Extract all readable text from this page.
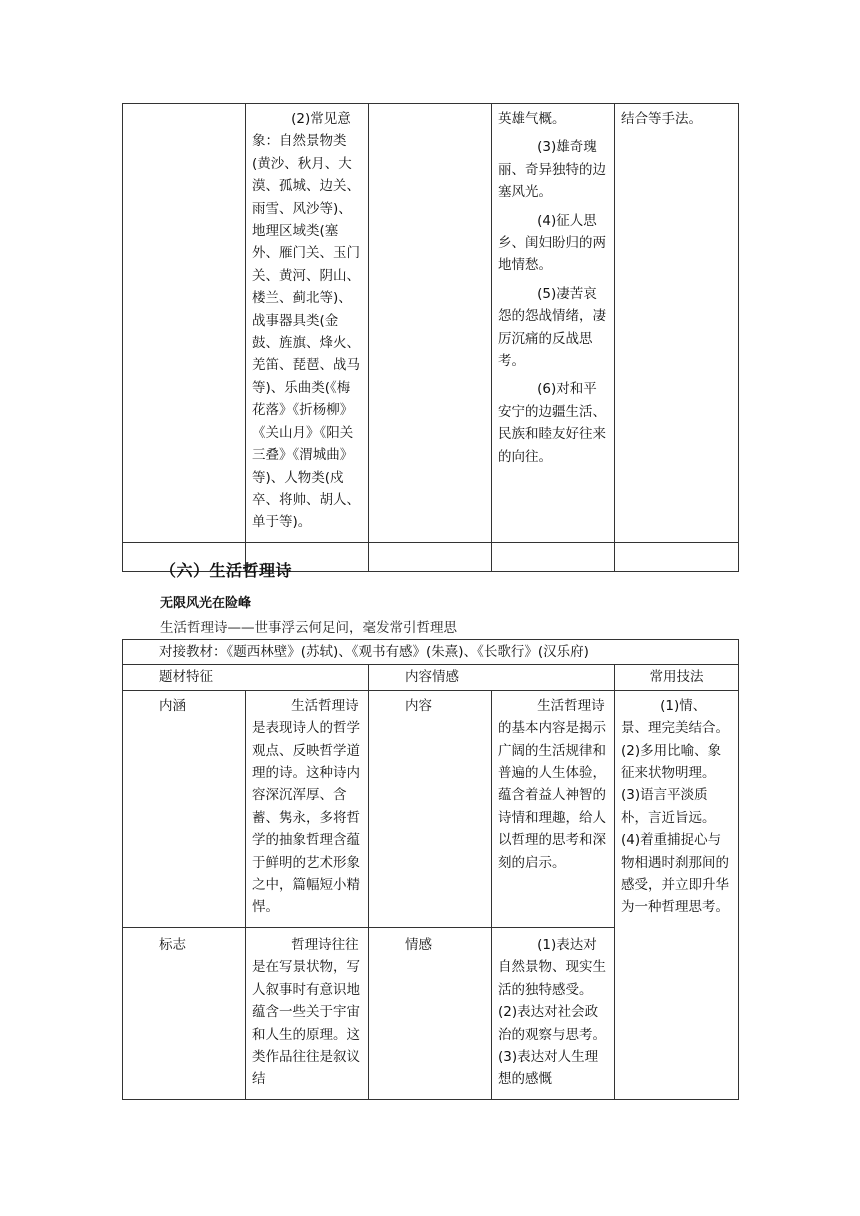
	(2)常见意象：自然景物类(黄沙、秋月、大漠、孤城、边关、雨雪、风沙等)、地理区域类(塞外、雁门关、玉门关、黄河、阴山、楼兰、蓟北等)、战事器具类(金鼓、旌旗、烽火、羌笛、琵琶、战马等)、乐曲类(《梅花落》《折杨柳》《关山月》《阳关三叠》《渭城曲》等)、人物类(戍卒、将帅、胡人、单于等)。		英雄气概。

(3)雄奇瑰丽、奇异独特的边塞风光。

(4)征人思乡、闺妇盼归的两地情愁。

(5)凄苦哀怨的怨战情绪，凄厉沉痛的反战思考。

(6)对和平安宁的边疆生活、民族和睦友好往来的向往。	结合等手法。

（六）生活哲理诗
无限风光在险峰
生活哲理诗——世事浮云何足问，毫发常引哲理思
对接教材：《题西林壁》(苏轼)、《观书有感》(朱熹)、《长歌行》(汉乐府)				
题材特征		内容情感		常用技法
内涵	生活哲理诗是表现诗人的哲学观点、反映哲学道理的诗。这种诗内容深沉浑厚、含蓄、隽永，多将哲学的抽象哲理含蕴于鲜明的艺术形象之中，篇幅短小精悍。	内容	生活哲理诗的基本内容是揭示广阔的生活规律和普遍的人生体验，蕴含着益人神智的诗情和理趣，给人以哲理的思考和深刻的启示。	(1)情、景、理完美结合。(2)多用比喻、象征来状物明理。(3)语言平淡质朴，言近旨远。(4)着重捕捉心与物相遇时刹那间的感受，并立即升华为一种哲理思考。

标志	哲理诗往往是在写景状物，写人叙事时有意识地蕴含一些关于宇宙和人生的原理。这类作品往往是叙议结	情感	(1)表达对自然景物、现实生活的独特感受。(2)表达对社会政治的观察与思考。(3)表达对人生理想的感慨	
